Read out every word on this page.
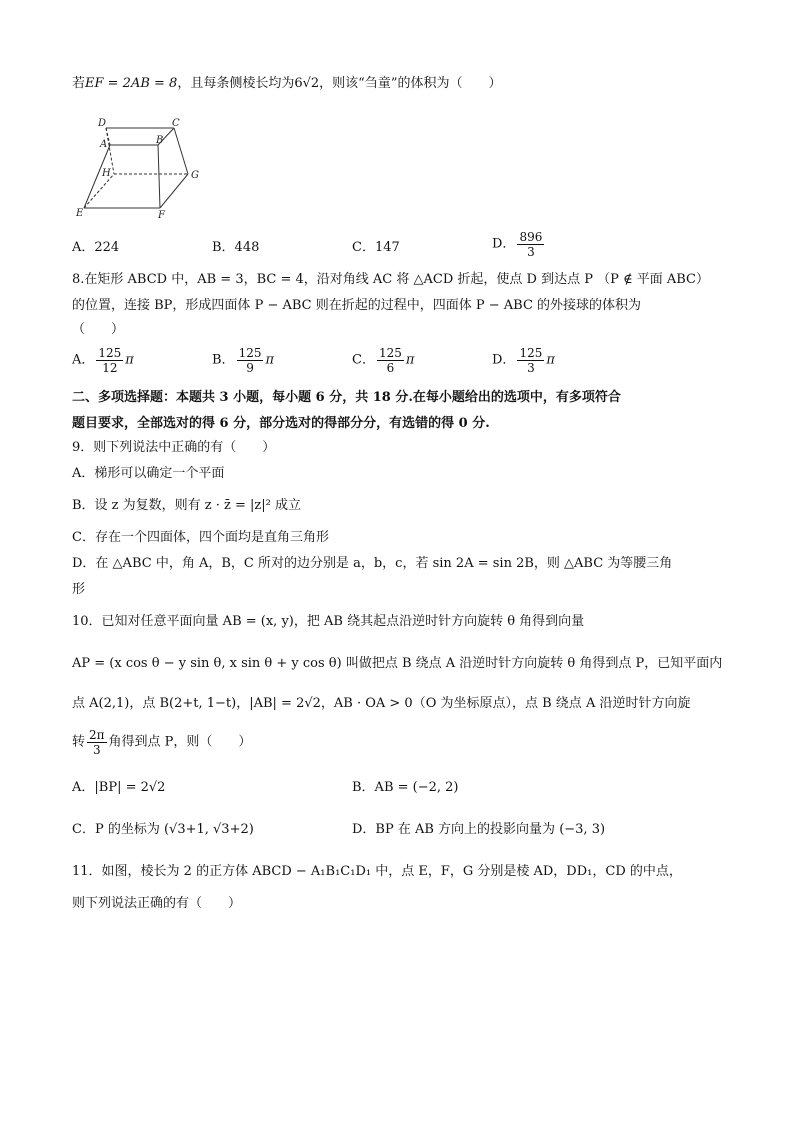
若EF = 2AB = 8，且每条侧棱长均为6√2，则该“刍童”的体积为（　　）
D	C
A	B
H	G
E	F
A．224	B．448	C．147	D． $\frac{896}{3}$
8.在矩形 ABCD 中，AB = 3，BC = 4，沿对角线 AC 将 △ACD 折起，使点 D 到达点 P （P ∉ 平面 ABC）
的位置，连接 BP，形成四面体 P − ABC 则在折起的过程中，四面体 P − ABC 的外接球的体积为
（　　）
A． $\frac{125}{12}$ π	B． $\frac{125}{9}$ π	C． $\frac{125}{6}$ π	D． $\frac{125}{3}$ π
二、多项选择题：本题共 3 小题，每小题 6 分，共 18 分.在每小题给出的选项中，有多项符合
题目要求，全部选对的得 6 分，部分选对的得部分分，有选错的得 0 分.
9．则下列说法中正确的有（　　）
A．梯形可以确定一个平面
B．设 z 为复数，则有 z · z̄ = |z|² 成立
C．存在一个四面体，四个面均是直角三角形
D．在 △ABC 中，角 A，B，C 所对的边分别是 a，b，c，若 sin 2A = sin 2B，则 △ABC 为等腰三角
形
10．已知对任意平面向量 AB = (x, y)，把 AB 绕其起点沿逆时针方向旋转 θ 角得到向量
AP = (x cos θ − y sin θ, x sin θ + y cos θ) 叫做把点 B 绕点 A 沿逆时针方向旋转 θ 角得到点 P，已知平面内
点 A(2,1)，点 B(2+t, 1−t)，|AB| = 2√2，AB · OA > 0（O 为坐标原点），点 B 绕点 A 沿逆时针方向旋
转 $\frac{2\pi}{3}$ 角得到点 P，则（　　）
A．|BP| = 2√2	B．AB = (−2, 2)
C．P 的坐标为 (√3+1, √3+2)	D．BP 在 AB 方向上的投影向量为 (−3, 3)
11．如图，棱长为 2 的正方体 ABCD − A₁B₁C₁D₁ 中，点 E，F，G 分别是棱 AD，DD₁，CD 的中点，
则下列说法正确的有（　　）
